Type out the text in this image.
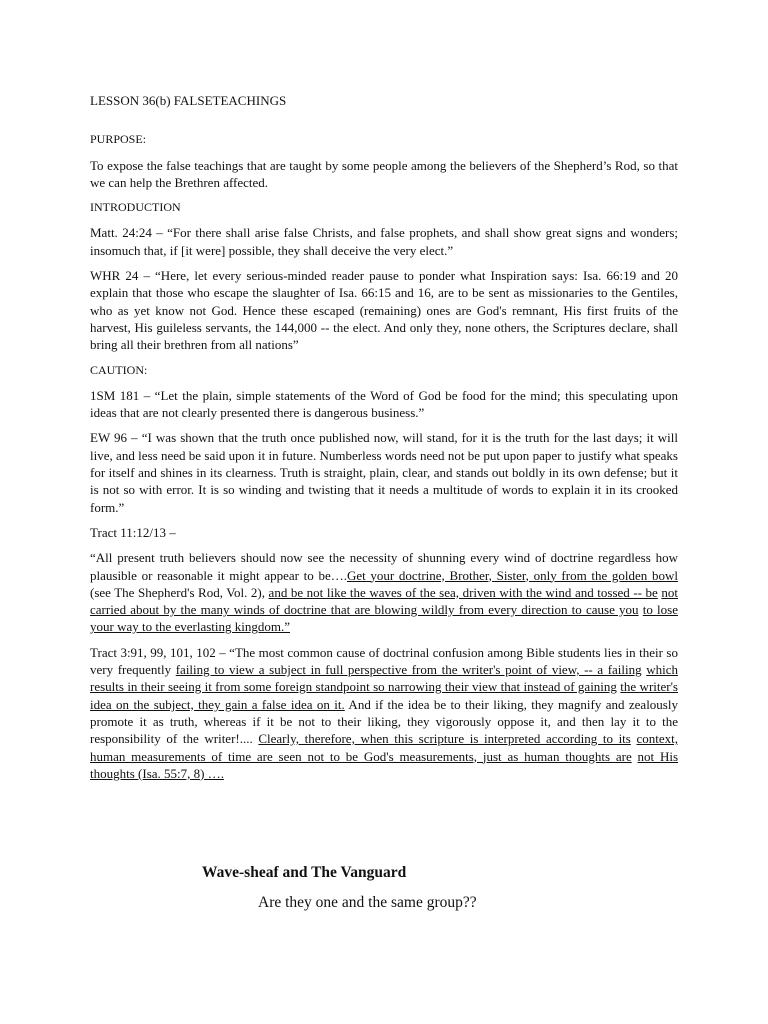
LESSON 36(b) FALSETEACHINGS

PURPOSE:

To expose the false teachings that are taught by some people among the believers of the Shepherd’s Rod, so that we can help the Brethren affected.

INTRODUCTION

Matt. 24:24 – “For there shall arise false Christs, and false prophets, and shall show great signs and wonders; insomuch that, if [it were] possible, they shall deceive the very elect.”

WHR 24 – “Here, let every serious-minded reader pause to ponder what Inspiration says: Isa. 66:19 and 20 explain that those who escape the slaughter of Isa. 66:15 and 16, are to be sent as missionaries to the Gentiles, who as yet know not God. Hence these escaped (remaining) ones are God's remnant, His first fruits of the harvest, His guileless servants, the 144,000 -- the elect. And only they, none others, the Scriptures declare, shall bring all their brethren from all nations”

CAUTION:

1SM 181 – “Let the plain, simple statements of the Word of God be food for the mind; this speculating upon ideas that are not clearly presented there is dangerous business.”

EW 96 – “I was shown that the truth once published now, will stand, for it is the truth for the last days; it will live, and less need be said upon it in future. Numberless words need not be put upon paper to justify what speaks for itself and shines in its clearness. Truth is straight, plain, clear, and stands out boldly in its own defense; but it is not so with error. It is so winding and twisting that it needs a multitude of words to explain it in its crooked form.”

Tract 11:12/13 –

“All present truth believers should now see the necessity of shunning every wind of doctrine regardless how plausible or reasonable it might appear to be….Get your doctrine, Brother, Sister, only from the golden bowl (see The Shepherd's Rod, Vol. 2), and be not like the waves of the sea, driven with the wind and tossed -- be not carried about by the many winds of doctrine that are blowing wildly from every direction to cause you to lose your way to the everlasting kingdom.”

Tract 3:91, 99, 101, 102 – “The most common cause of doctrinal confusion among Bible students lies in their so very frequently failing to view a subject in full perspective from the writer's point of view, -- a failing which results in their seeing it from some foreign standpoint so narrowing their view that instead of gaining the writer's idea on the subject, they gain a false idea on it. And if the idea be to their liking, they magnify and zealously promote it as truth, whereas if it be not to their liking, they vigorously oppose it, and then lay it to the responsibility of the writer!.... Clearly, therefore, when this scripture is interpreted according to its context, human measurements of time are seen not to be God's measurements, just as human thoughts are not His thoughts (Isa. 55:7, 8) ….

Wave-sheaf and The Vanguard
Are they one and the same group??
